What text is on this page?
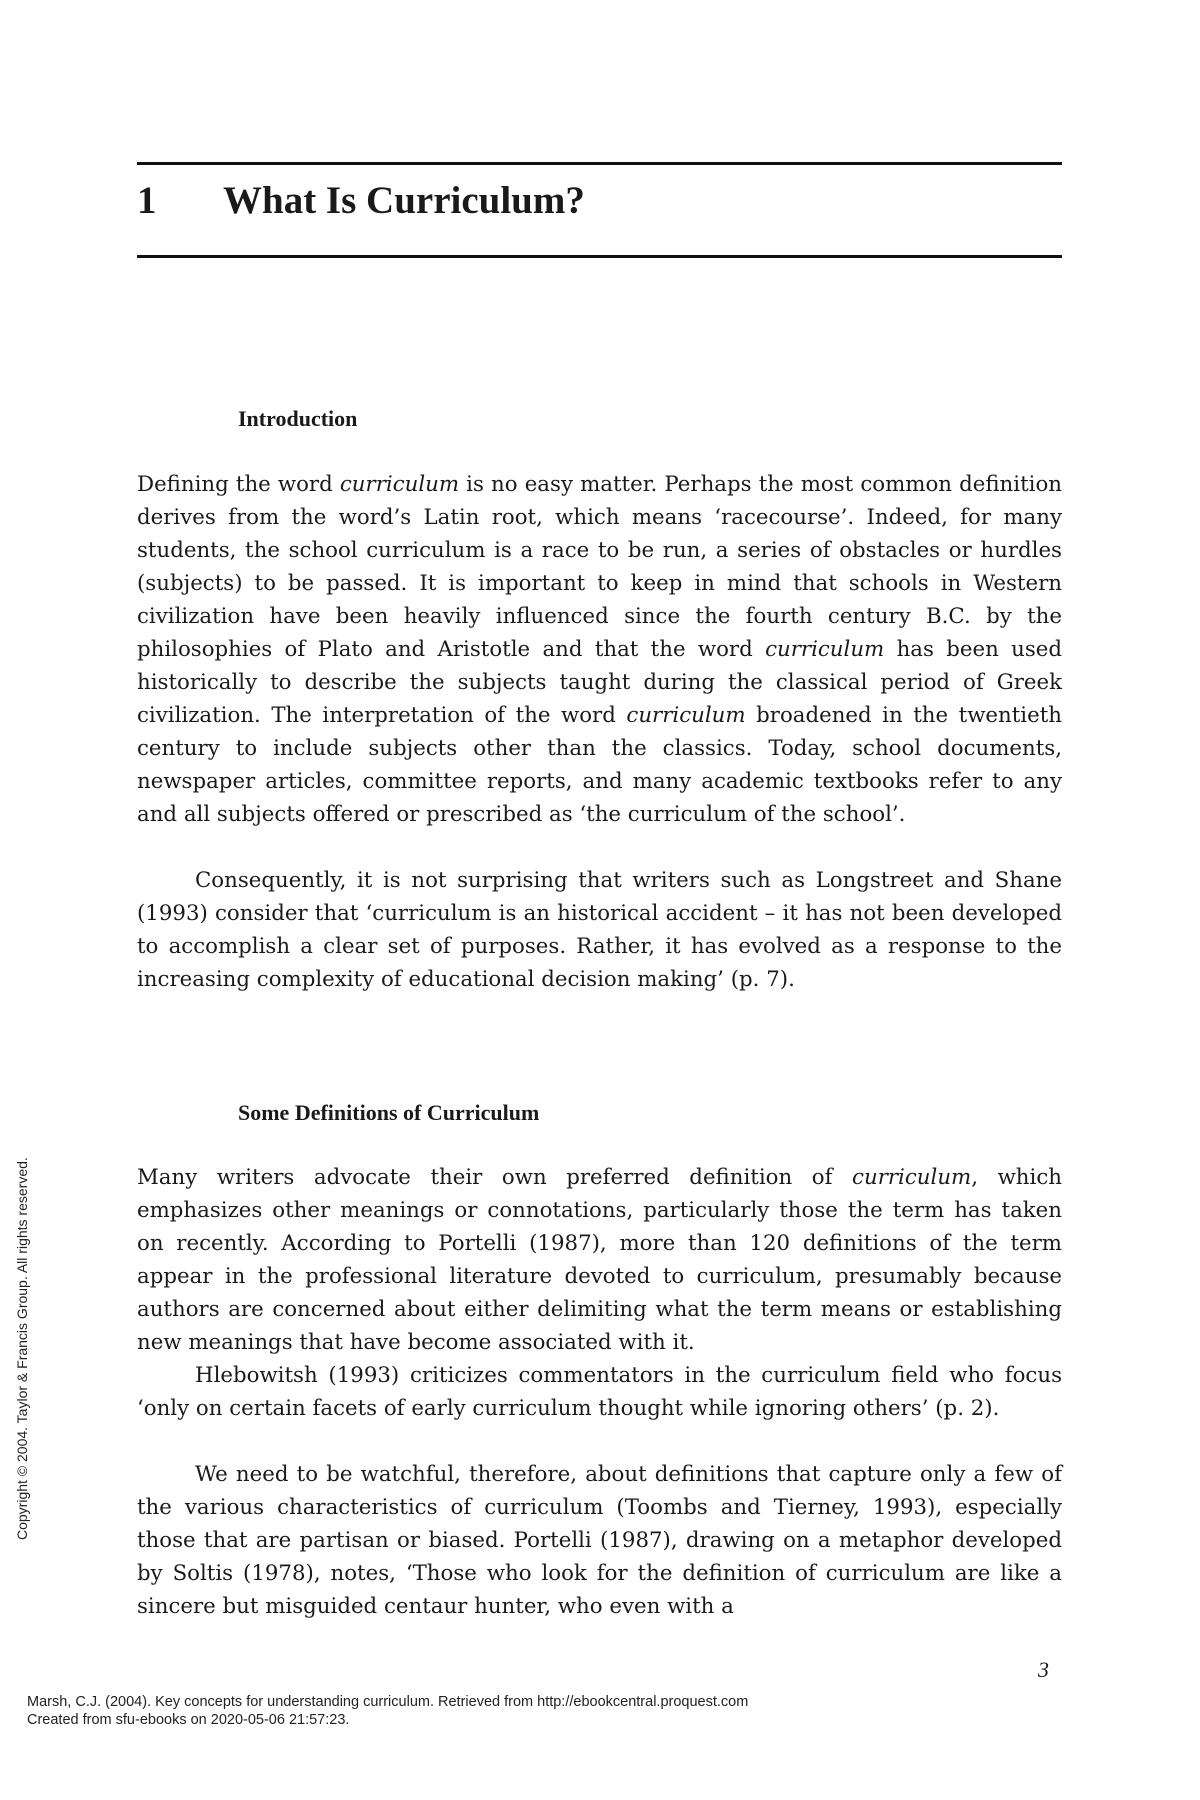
1 What Is Curriculum?
Introduction

Defining the word curriculum is no easy matter. Perhaps the most common definition derives from the word’s Latin root, which means ‘racecourse’. Indeed, for many students, the school curriculum is a race to be run, a series of obstacles or hurdles (subjects) to be passed. It is important to keep in mind that schools in Western civilization have been heavily influenced since the fourth century B.C. by the philosophies of Plato and Aristotle and that the word curriculum has been used historically to describe the subjects taught during the classical period of Greek civilization. The interpretation of the word curriculum broadened in the twentieth century to include subjects other than the classics. Today, school documents, newspaper articles, committee reports, and many academic textbooks refer to any and all subjects offered or prescribed as ‘the curriculum of the school’.

Consequently, it is not surprising that writers such as Longstreet and Shane (1993) consider that ‘curriculum is an historical accident – it has not been developed to accomplish a clear set of purposes. Rather, it has evolved as a response to the increasing complexity of educational decision making’ (p. 7).

Some Definitions of Curriculum

Many writers advocate their own preferred definition of curriculum, which emphasizes other meanings or connotations, particularly those the term has taken on recently. According to Portelli (1987), more than 120 definitions of the term appear in the professional literature devoted to curriculum, presumably because authors are concerned about either delimiting what the term means or establishing new meanings that have become associated with it.

Hlebowitsh (1993) criticizes commentators in the curriculum field who focus ‘only on certain facets of early curriculum thought while ignoring others’ (p. 2).

We need to be watchful, therefore, about definitions that capture only a few of the various characteristics of curriculum (Toombs and Tierney, 1993), especially those that are partisan or biased. Portelli (1987), drawing on a metaphor developed by Soltis (1978), notes, ‘Those who look for the definition of curriculum are like a sincere but misguided centaur hunter, who even with a

3
Marsh, C.J. (2004). Key concepts for understanding curriculum. Retrieved from http://ebookcentral.proquest.com
Created from sfu-ebooks on 2020-05-06 21:57:23.
Copyright © 2004. Taylor & Francis Group. All rights reserved.
